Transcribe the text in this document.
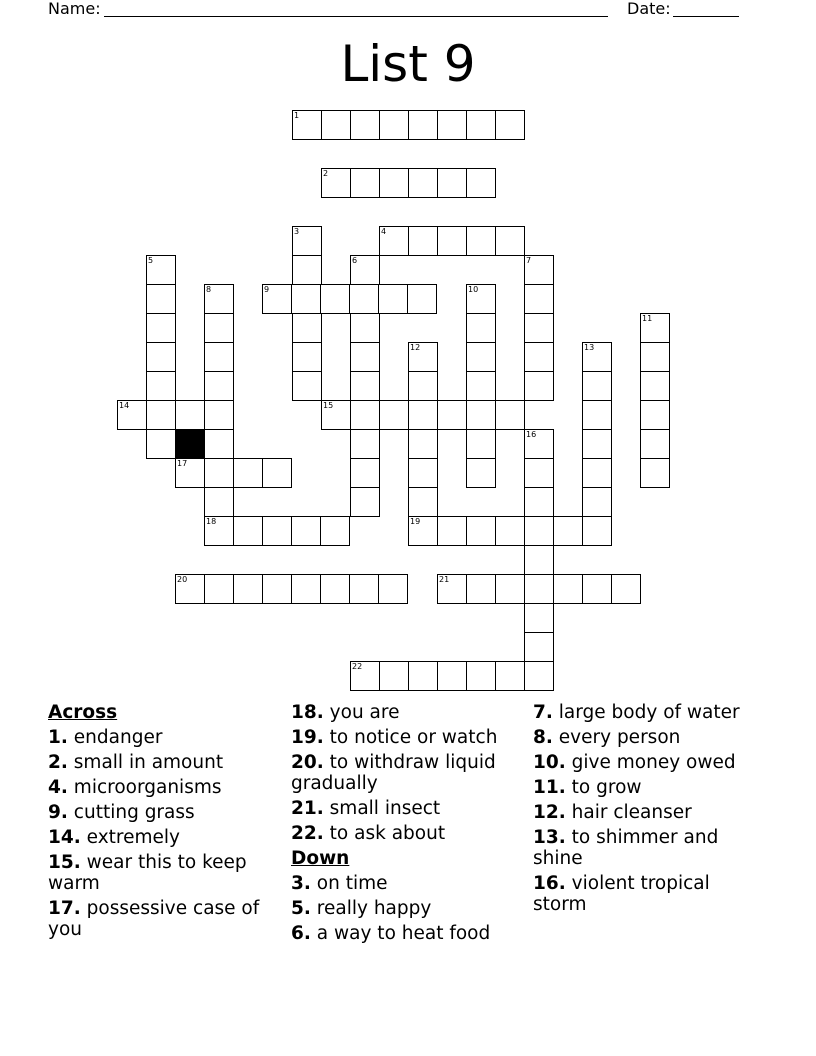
Name:	Date:
List 9
1
2
3	4
5	6	7
8	9	10
11
12	13
14	15
16
17
18	19
20	21
22
Across
1. endanger
2. small in amount
4. microorganisms
9. cutting grass
14. extremely
15. wear this to keep warm
17. possessive case of you
18. you are
19. to notice or watch
20. to withdraw liquid gradually
21. small insect
22. to ask about
Down
3. on time
5. really happy
6. a way to heat food
7. large body of water
8. every person
10. give money owed
11. to grow
12. hair cleanser
13. to shimmer and shine
16. violent tropical storm
